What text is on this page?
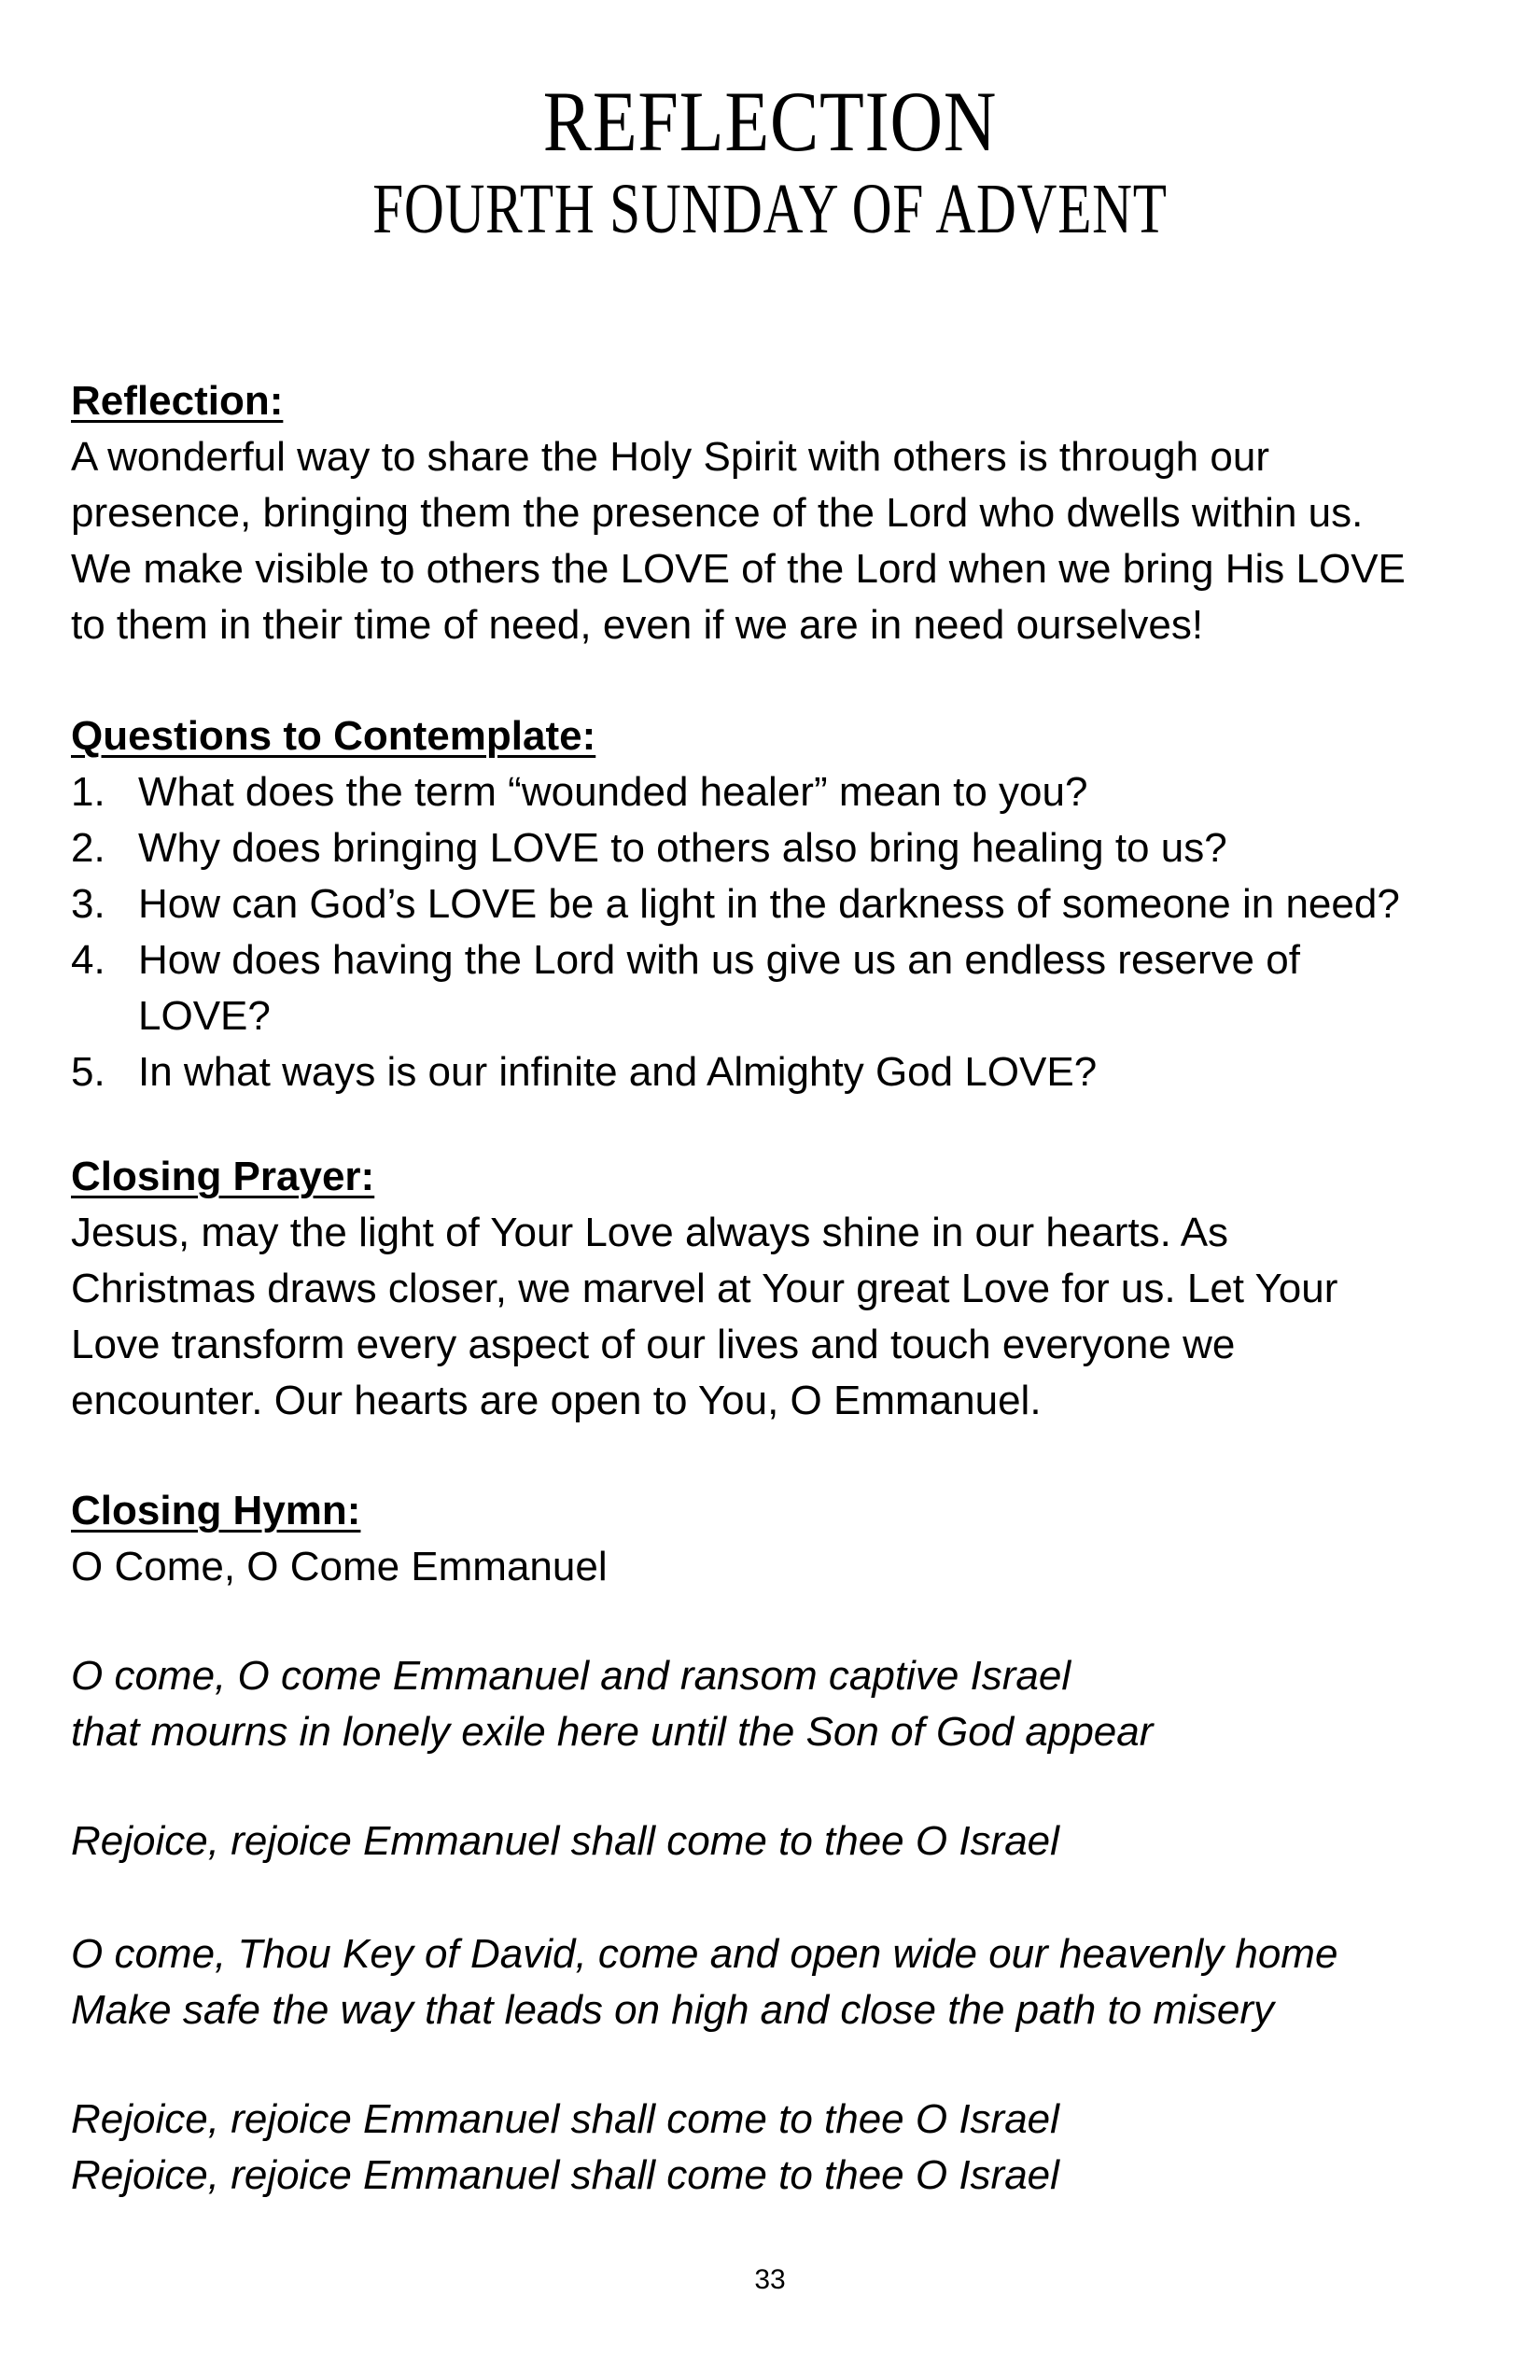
REFLECTION
FOURTH SUNDAY OF ADVENT
Reflection:
A wonderful way to share the Holy Spirit with others is through our
presence, bringing them the presence of the Lord who dwells within us.
We make visible to others the LOVE of the Lord when we bring His LOVE
to them in their time of need, even if we are in need ourselves!
Questions to Contemplate:
1. What does the term “wounded healer” mean to you?
2. Why does bringing LOVE to others also bring healing to us?
3. How can God’s LOVE be a light in the darkness of someone in need?
4. How does having the Lord with us give us an endless reserve of
LOVE?
5. In what ways is our infinite and Almighty God LOVE?
Closing Prayer:
Jesus, may the light of Your Love always shine in our hearts. As
Christmas draws closer, we marvel at Your great Love for us. Let Your
Love transform every aspect of our lives and touch everyone we
encounter. Our hearts are open to You, O Emmanuel.
Closing Hymn:
O Come, O Come Emmanuel
O come, O come Emmanuel and ransom captive Israel
that mourns in lonely exile here until the Son of God appear
Rejoice, rejoice Emmanuel shall come to thee O Israel
O come, Thou Key of David, come and open wide our heavenly home
Make safe the way that leads on high and close the path to misery
Rejoice, rejoice Emmanuel shall come to thee O Israel
Rejoice, rejoice Emmanuel shall come to thee O Israel
33
